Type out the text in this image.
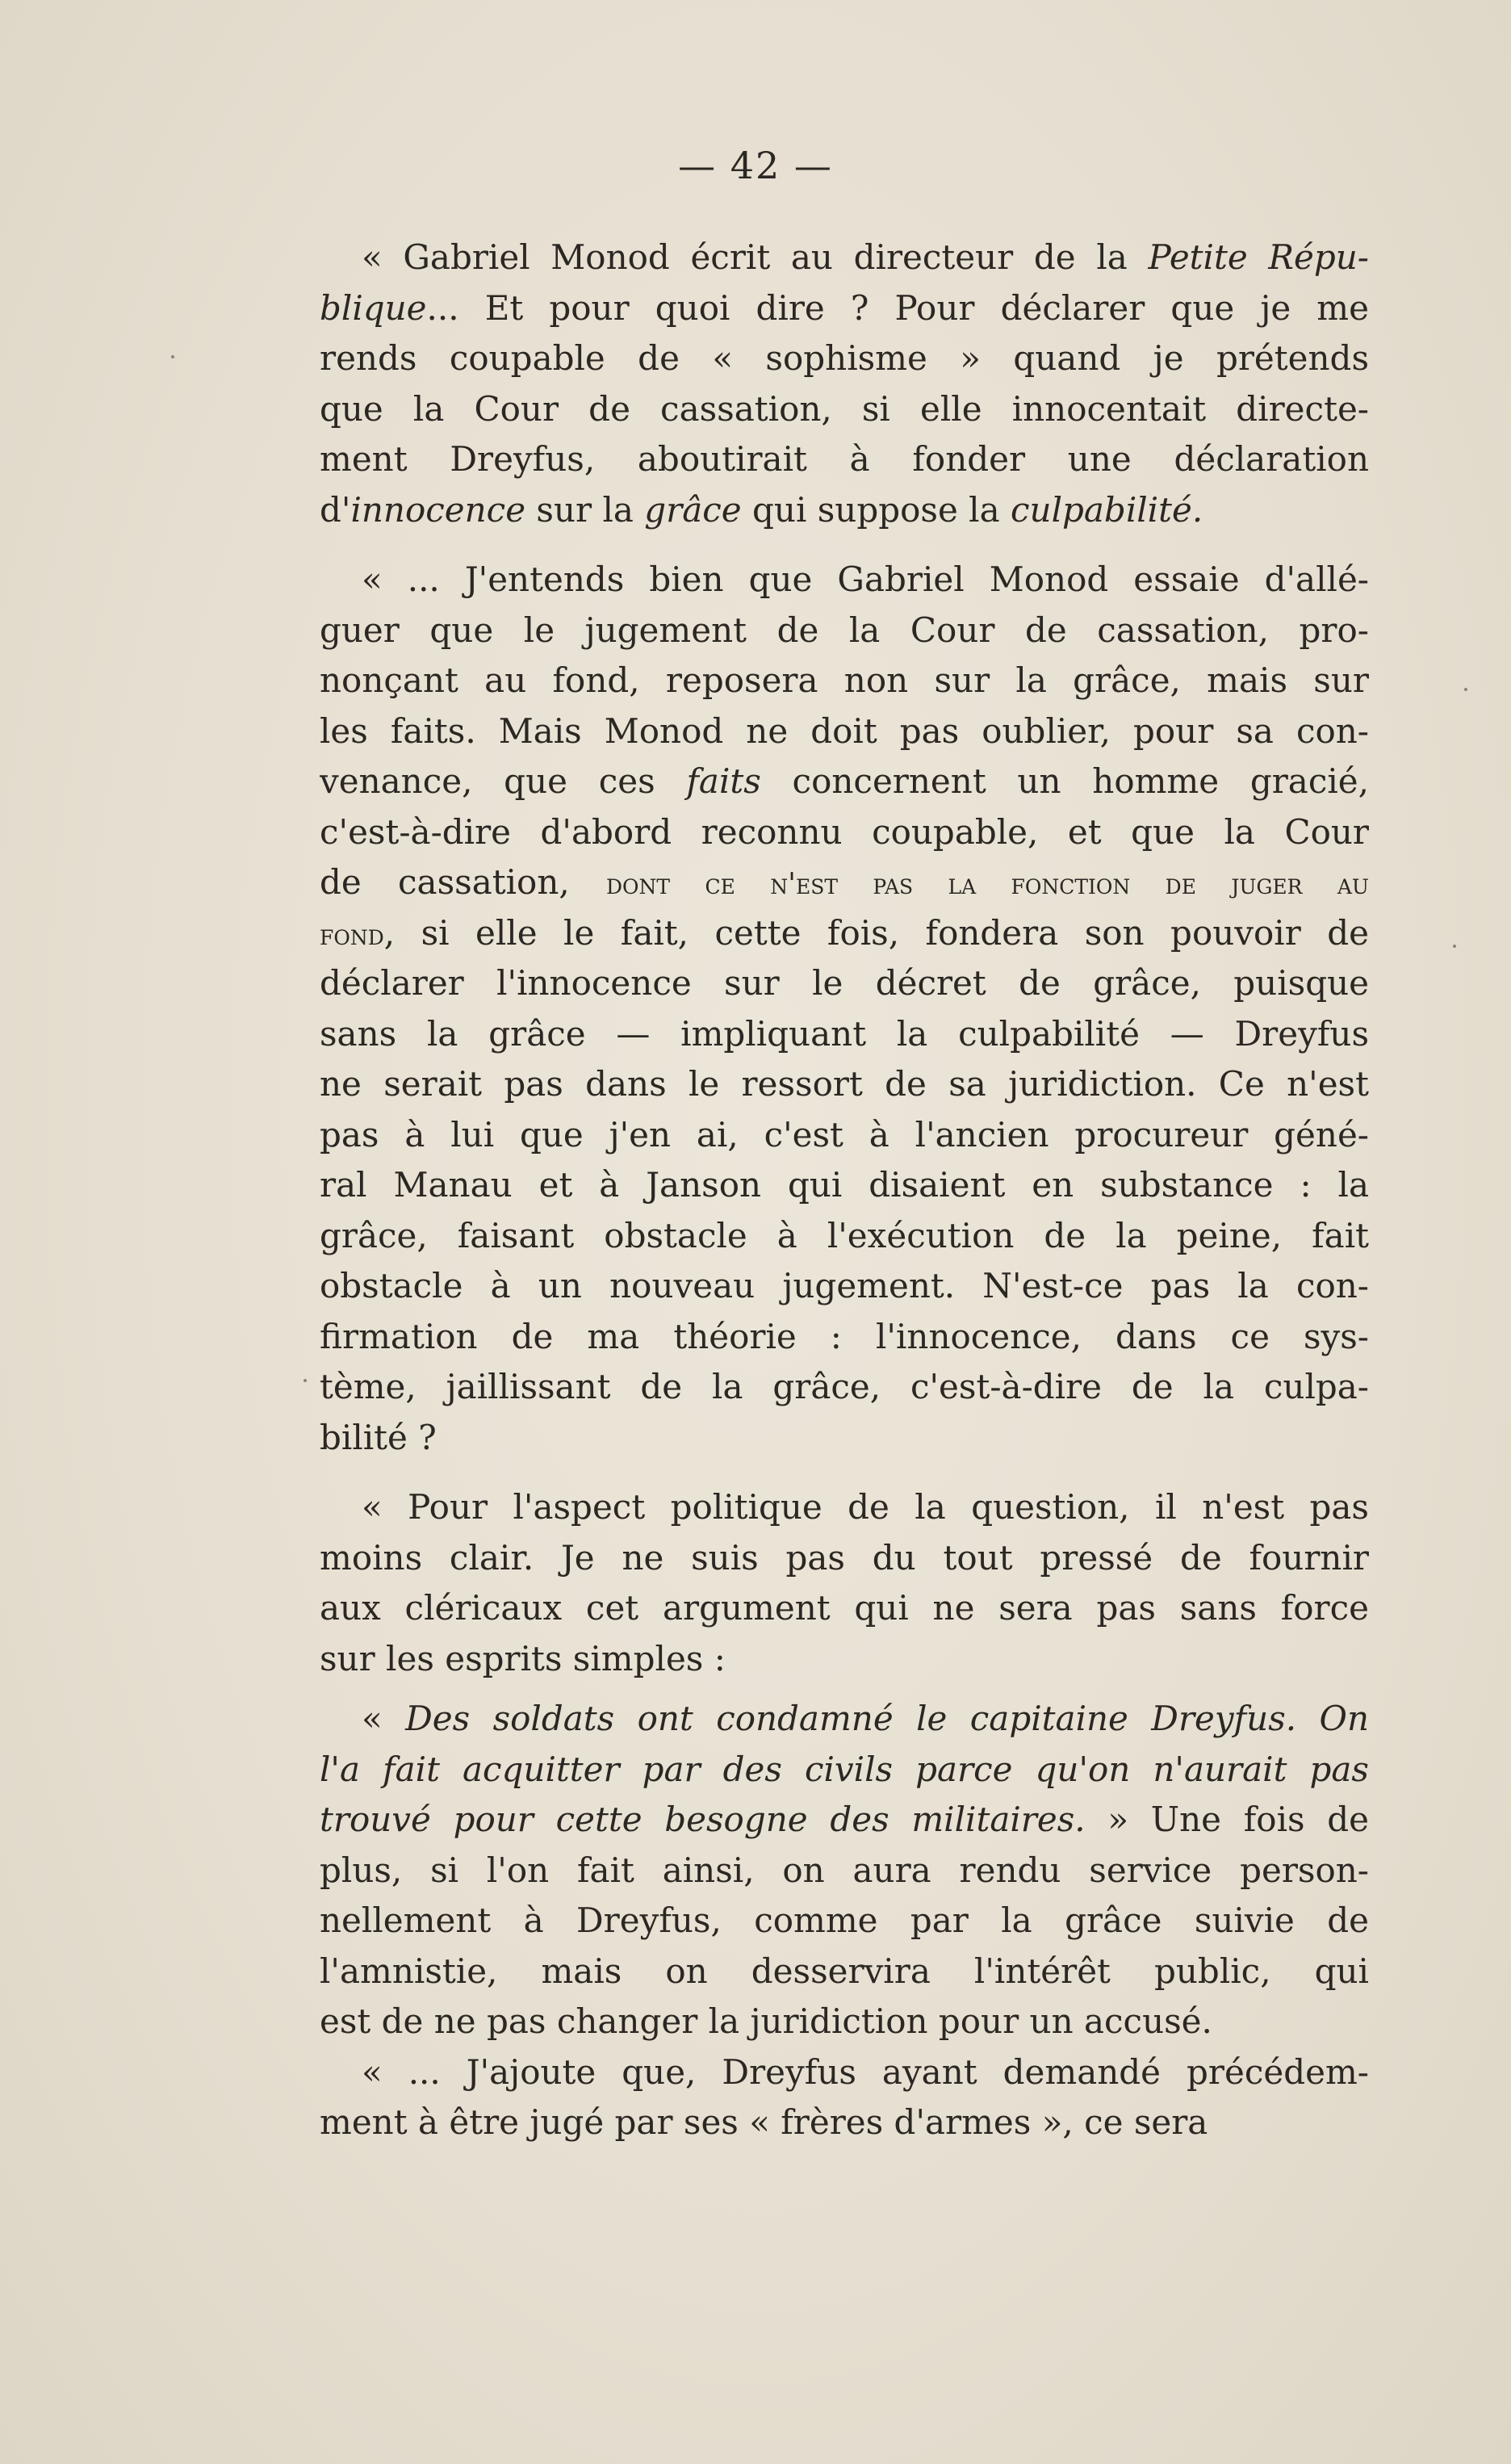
— 42 —
« Gabriel Monod écrit au directeur de la Petite Répu-
blique... Et pour quoi dire ? Pour déclarer que je me
rends coupable de « sophisme » quand je prétends
que la Cour de cassation, si elle innocentait directe-
ment Dreyfus, aboutirait à fonder une déclaration
d'innocence sur la grâce qui suppose la culpabilité.
« ... J'entends bien que Gabriel Monod essaie d'allé-
guer que le jugement de la Cour de cassation, pro-
nonçant au fond, reposera non sur la grâce, mais sur
les faits. Mais Monod ne doit pas oublier, pour sa con-
venance, que ces faits concernent un homme gracié,
c'est-à-dire d'abord reconnu coupable, et que la Cour
de cassation, dont ce n'est pas la fonction de juger au
fond, si elle le fait, cette fois, fondera son pouvoir de
déclarer l'innocence sur le décret de grâce, puisque
sans la grâce — impliquant la culpabilité — Dreyfus
ne serait pas dans le ressort de sa juridiction. Ce n'est
pas à lui que j'en ai, c'est à l'ancien procureur géné-
ral Manau et à Janson qui disaient en substance : la
grâce, faisant obstacle à l'exécution de la peine, fait
obstacle à un nouveau jugement. N'est-ce pas la con-
firmation de ma théorie : l'innocence, dans ce sys-
tème, jaillissant de la grâce, c'est-à-dire de la culpa-
bilité ?
« Pour l'aspect politique de la question, il n'est pas
moins clair. Je ne suis pas du tout pressé de fournir
aux cléricaux cet argument qui ne sera pas sans force
sur les esprits simples :
« Des soldats ont condamné le capitaine Dreyfus. On
l'a fait acquitter par des civils parce qu'on n'aurait pas
trouvé pour cette besogne des militaires. » Une fois de
plus, si l'on fait ainsi, on aura rendu service person-
nellement à Dreyfus, comme par la grâce suivie de
l'amnistie, mais on desservira l'intérêt public, qui
est de ne pas changer la juridiction pour un accusé.
« ... J'ajoute que, Dreyfus ayant demandé précédem-
ment à être jugé par ses « frères d'armes », ce sera
